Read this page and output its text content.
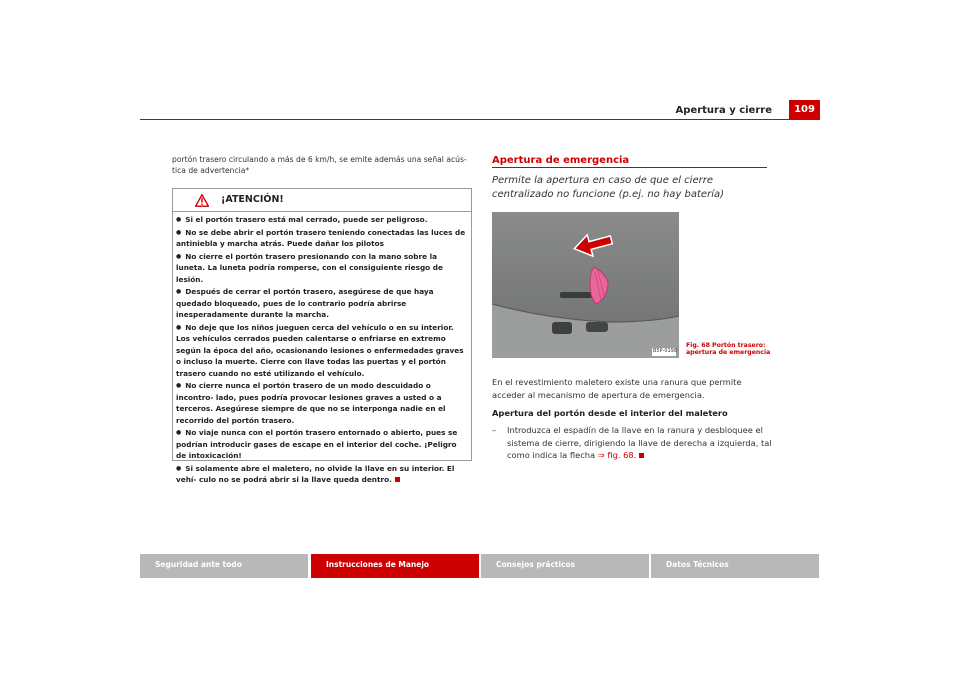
Apertura y cierre	109
portón trasero circulando a más de 6 km/h, se emite además una señal acús- tica de advertencia*
¡ATENCIÓN!
● Si el portón trasero está mal cerrado, puede ser peligroso.
● No se debe abrir el portón trasero teniendo conectadas las luces de antiniebla y marcha atrás. Puede dañar los pilotos
● No cierre el portón trasero presionando con la mano sobre la luneta. La luneta podría romperse, con el consiguiente riesgo de lesión.
● Después de cerrar el portón trasero, asegúrese de que haya quedado bloqueado, pues de lo contrario podría abrirse inesperadamente durante la marcha.
● No deje que los niños jueguen cerca del vehículo o en su interior. Los vehículos cerrados pueden calentarse o enfriarse en extremo según la época del año, ocasionando lesiones o enfermedades graves o incluso la muerte. Cierre con llave todas las puertas y el portón trasero cuando no esté utilizando el vehículo.
● No cierre nunca el portón trasero de un modo descuidado o incontro- lado, pues podría provocar lesiones graves a usted o a terceros. Asegúrese siempre de que no se interponga nadie en el recorrido del portón trasero.
● No viaje nunca con el portón trasero entornado o abierto, pues se podrían introducir gases de escape en el interior del coche. ¡Peligro de intoxicación!
● Si solamente abre el maletero, no olvide la llave en su interior. El vehí- culo no se podrá abrir si la llave queda dentro.
Apertura de emergencia
Permite la apertura en caso de que el cierre centralizado no funcione (p.ej. no hay batería)
B5P-0198
Fig. 68 Portón trasero:
apertura de emergencia
En el revestimiento maletero existe una ranura que permite acceder al mecanismo de apertura de emergencia.
Apertura del portón desde el interior del maletero
– Introduzca el espadín de la llave en la ranura y desbloquee el sistema de cierre, dirigiendo la llave de derecha a izquierda, tal como indica la flecha ⇒ fig. 68.
Seguridad ante todo	Instrucciones de Manejo	Consejos prácticos	Datos Técnicos
